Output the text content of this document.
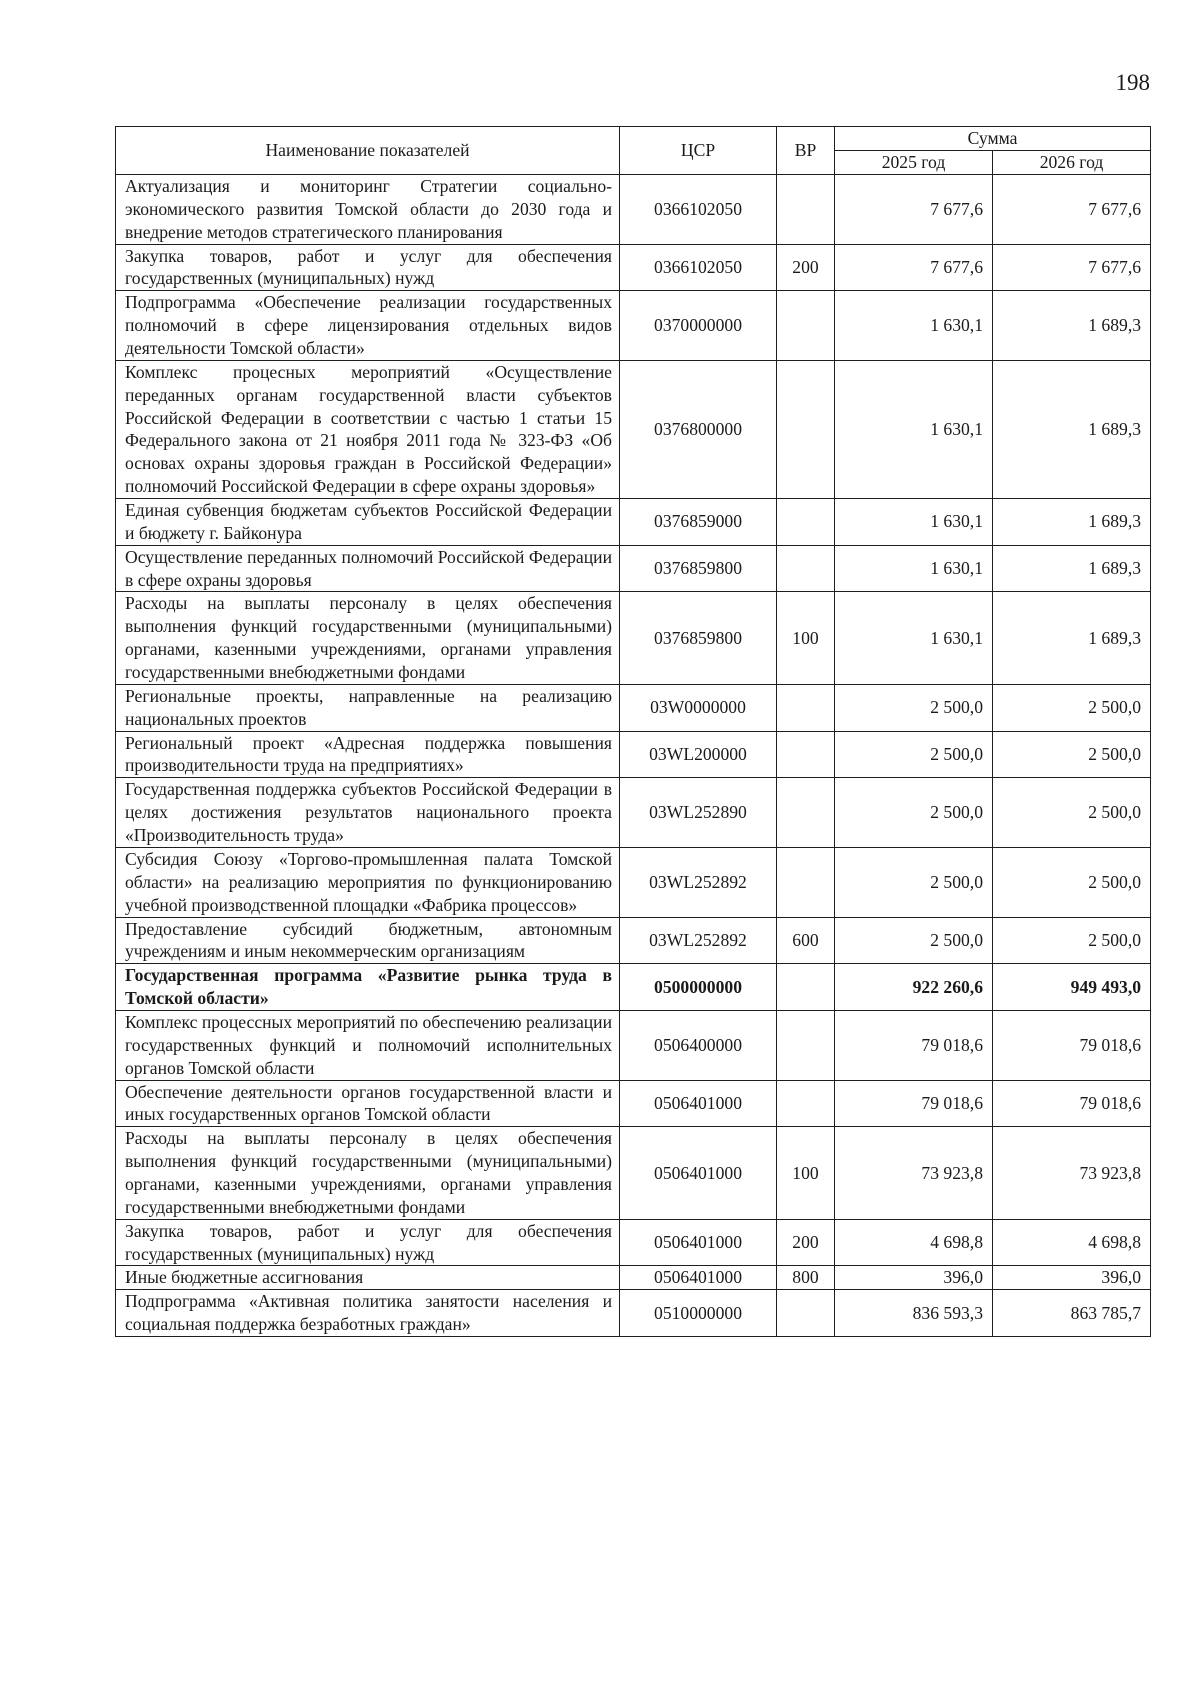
198
Наименование показателей	ЦСР	ВР	Сумма	
			2025 год	2026 год
Актуализация и мониторинг Стратегии социально-экономического развития Томской области до 2030 года и внедрение методов стратегического планирования	0366102050		7 677,6	7 677,6
Закупка товаров, работ и услуг для обеспечения государственных (муниципальных) нужд	0366102050	200	7 677,6	7 677,6
Подпрограмма «Обеспечение реализации государственных полномочий в сфере лицензирования отдельных видов деятельности Томской области»	0370000000		1 630,1	1 689,3
Комплекс процесных мероприятий «Осуществление переданных органам государственной власти субъектов Российской Федерации в соответствии с частью 1 статьи 15 Федерального закона от 21 ноября 2011 года № 323-ФЗ «Об основах охраны здоровья граждан в Российской Федерации» полномочий Российской Федерации в сфере охраны здоровья»	0376800000		1 630,1	1 689,3
Единая субвенция бюджетам субъектов Российской Федерации и бюджету г. Байконура	0376859000		1 630,1	1 689,3
Осуществление переданных полномочий Российской Федерации в сфере охраны здоровья	0376859800		1 630,1	1 689,3
Расходы на выплаты персоналу в целях обеспечения выполнения функций государственными (муниципальными) органами, казенными учреждениями, органами управления государственными внебюджетными фондами	0376859800	100	1 630,1	1 689,3
Региональные проекты, направленные на реализацию национальных проектов	03W0000000		2 500,0	2 500,0
Региональный проект «Адресная поддержка повышения производительности труда на предприятиях»	03WL200000		2 500,0	2 500,0
Государственная поддержка субъектов Российской Федерации в целях достижения результатов национального проекта «Производительность труда»	03WL252890		2 500,0	2 500,0
Субсидия Союзу «Торгово-промышленная палата Томской области» на реализацию мероприятия по функционированию учебной производственной площадки «Фабрика процессов»	03WL252892		2 500,0	2 500,0
Предоставление субсидий бюджетным, автономным учреждениям и иным некоммерческим организациям	03WL252892	600	2 500,0	2 500,0
Государственная программа «Развитие рынка труда в Томской области»	0500000000		922 260,6	949 493,0
Комплекс процессных мероприятий по обеспечению реализации государственных функций и полномочий исполнительных органов Томской области	0506400000		79 018,6	79 018,6
Обеспечение деятельности органов государственной власти и иных государственных органов Томской области	0506401000		79 018,6	79 018,6
Расходы на выплаты персоналу в целях обеспечения выполнения функций государственными (муниципальными) органами, казенными учреждениями, органами управления государственными внебюджетными фондами	0506401000	100	73 923,8	73 923,8
Закупка товаров, работ и услуг для обеспечения государственных (муниципальных) нужд	0506401000	200	4 698,8	4 698,8
Иные бюджетные ассигнования	0506401000	800	396,0	396,0
Подпрограмма «Активная политика занятости населения и социальная поддержка безработных граждан»	0510000000		836 593,3	863 785,7
